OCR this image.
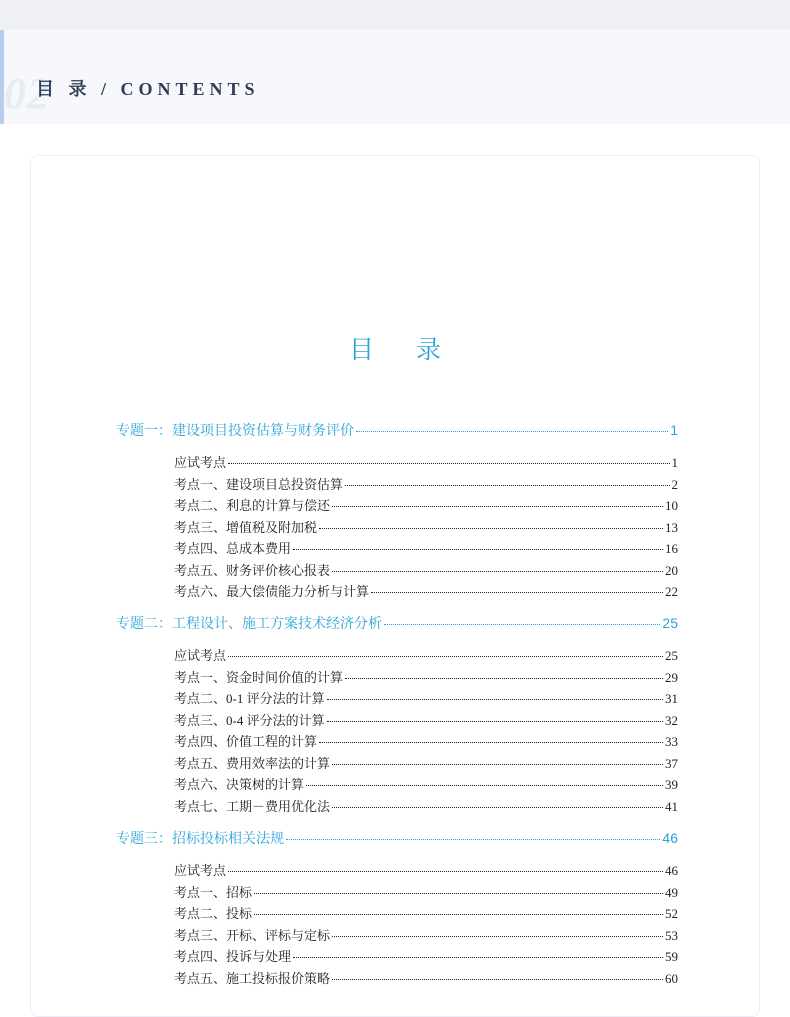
02
目 录 / CONTENTS
目录
专题一：建设项目投资估算与财务评价	1
应试考点	1
考点一、建设项目总投资估算	2
考点二、利息的计算与偿还	10
考点三、增值税及附加税	13
考点四、总成本费用	16
考点五、财务评价核心报表	20
考点六、最大偿债能力分析与计算	22
专题二：工程设计、施工方案技术经济分析	25
应试考点	25
考点一、资金时间价值的计算	29
考点二、0-1 评分法的计算	31
考点三、0-4 评分法的计算	32
考点四、价值工程的计算	33
考点五、费用效率法的计算	37
考点六、决策树的计算	39
考点七、工期－费用优化法	41
专题三：招标投标相关法规	46
应试考点	46
考点一、招标	49
考点二、投标	52
考点三、开标、评标与定标	53
考点四、投诉与处理	59
考点五、施工投标报价策略	60
